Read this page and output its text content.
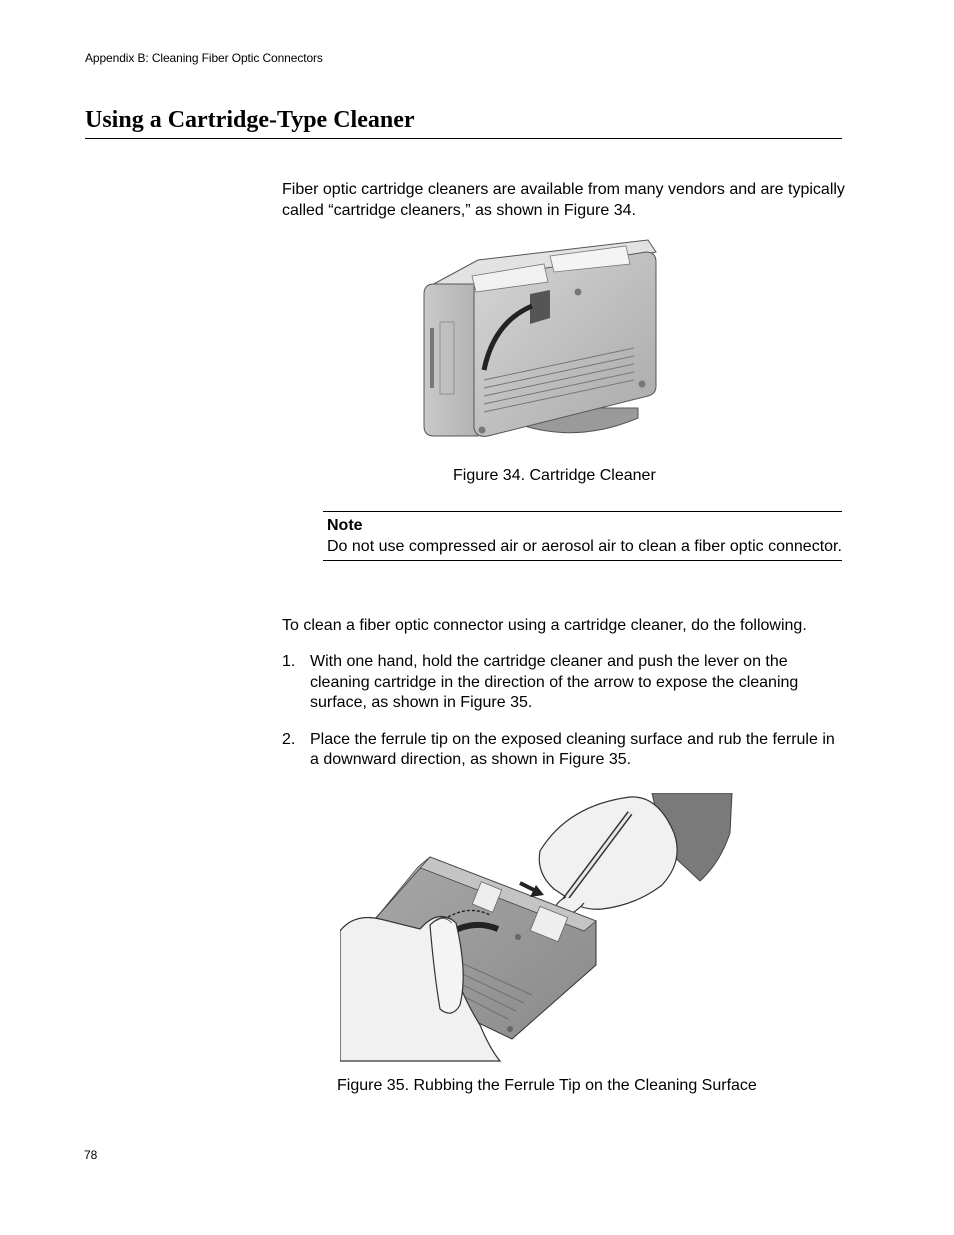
Appendix B: Cleaning Fiber Optic Connectors
Using a Cartridge-Type Cleaner

Fiber optic cartridge cleaners are available from many vendors and are typically called “cartridge cleaners,” as shown in Figure 34.

Figure 34. Cartridge Cleaner
Note
Do not use compressed air or aerosol air to clean a fiber optic connector.

To clean a fiber optic connector using a cartridge cleaner, do the following.

1. With one hand, hold the cartridge cleaner and push the lever on the cleaning cartridge in the direction of the arrow to expose the cleaning surface, as shown in Figure 35.
2. Place the ferrule tip on the exposed cleaning surface and rub the ferrule in a downward direction, as shown in Figure 35.
Figure 35. Rubbing the Ferrule Tip on the Cleaning Surface
78
